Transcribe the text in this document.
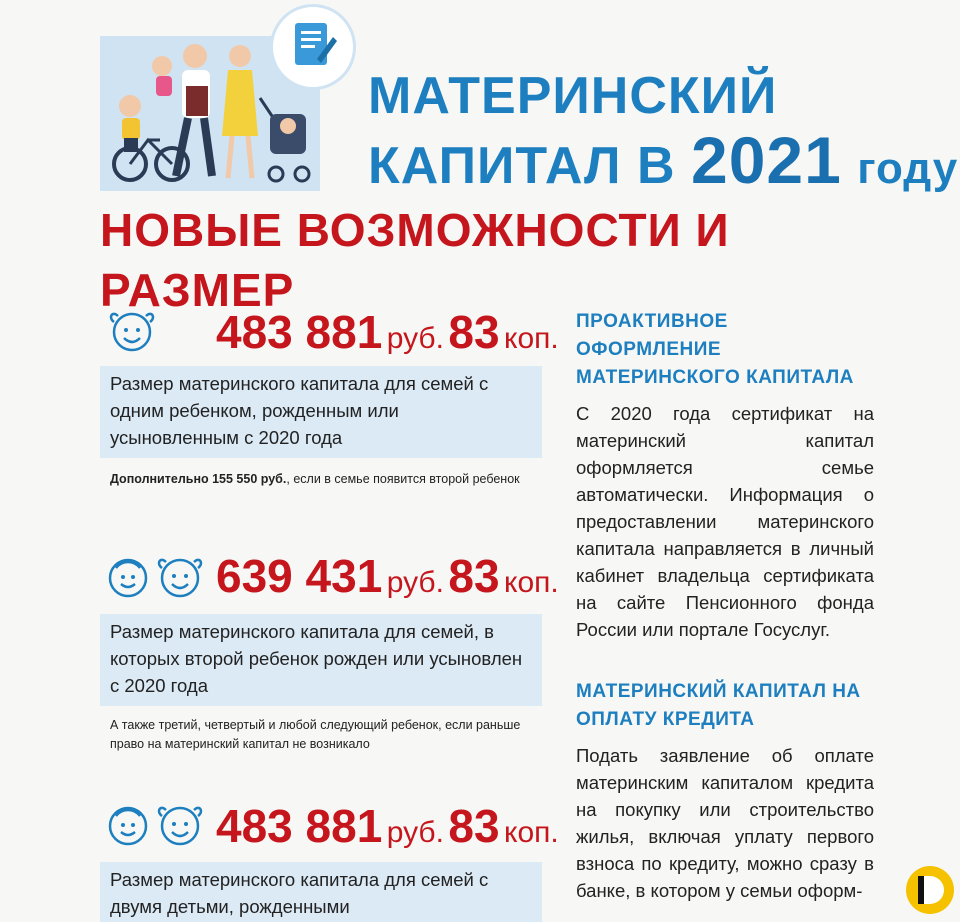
МАТЕРИНСКИЙ
КАПИТАЛ В 2021 году
НОВЫЕ ВОЗМОЖНОСТИ И РАЗМЕР
483 881 руб. 83 коп.
Размер материнского капитала для семей с одним ребенком, рожденным или усыновленным с 2020 года
Дополнительно 155 550 руб., если в семье появится второй ребенок
639 431 руб. 83 коп.
Размер материнского капитала для семей, в которых второй ребенок рожден или усыновлен с 2020 года
А также третий, четвертый и любой следующий ребенок, если раньше право на материнский капитал не возникало
483 881 руб. 83 коп.
Размер материнского капитала для семей с двумя детьми, рожденными
ПРОАКТИВНОЕ ОФОРМЛЕНИЕ МАТЕРИНСКОГО КАПИТАЛА
С 2020 года сертификат на материнский капитал оформляется семье автоматически. Информация о предоставлении материнского капитала направляется в личный кабинет владельца сертификата на сайте Пенсионного фонда России или портале Госуслуг.
МАТЕРИНСКИЙ КАПИТАЛ НА ОПЛАТУ КРЕДИТА
Подать заявление об оплате материнским капиталом кредита на покупку или строительство жилья, включая уплату первого взноса по кредиту, можно сразу в банке, в котором у семьи оформ-
